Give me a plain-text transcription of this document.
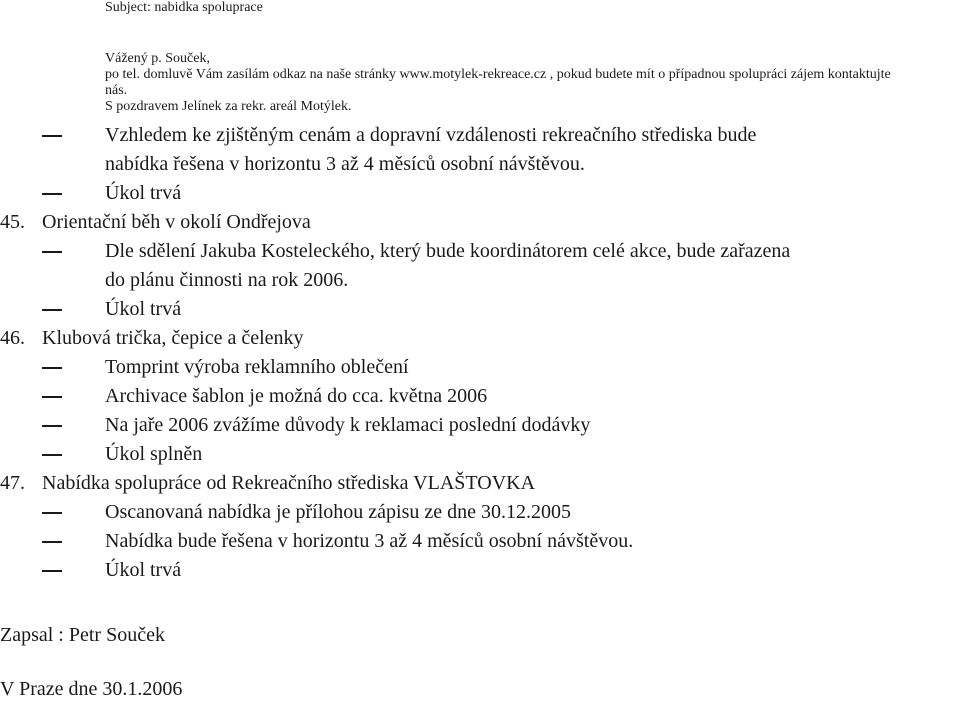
Subject: nabidka spoluprace
Vážený p. Souček,
po tel. domluvě Vám zasílám odkaz na naše stránky www.motylek-rekreace.cz , pokud budete mít o případnou spolupráci zájem kontaktujte
nás.
S pozdravem Jelínek za rekr. areál Motýlek.
Vzhledem ke zjištěným cenám a dopravní vzdálenosti rekreačního střediska bude
nabídka řešena v horizontu 3 až 4 měsíců osobní návštěvou.
Úkol trvá
45. Orientační běh v okolí Ondřejova
Dle sdělení Jakuba Kosteleckého, který bude koordinátorem celé akce, bude zařazena
do plánu činnosti na rok 2006.
Úkol trvá
46. Klubová trička, čepice a čelenky
Tomprint výroba reklamního oblečení
Archivace šablon je možná do cca. května 2006
Na jaře 2006 zvážíme důvody k reklamaci poslední dodávky
Úkol splněn
47. Nabídka spolupráce od Rekreačního střediska VLAŠTOVKA
Oscanovaná nabídka je přílohou zápisu ze dne 30.12.2005
Nabídka bude řešena v horizontu 3 až 4 měsíců osobní návštěvou.
Úkol trvá
Zapsal : Petr Souček
V Praze dne 30.1.2006
